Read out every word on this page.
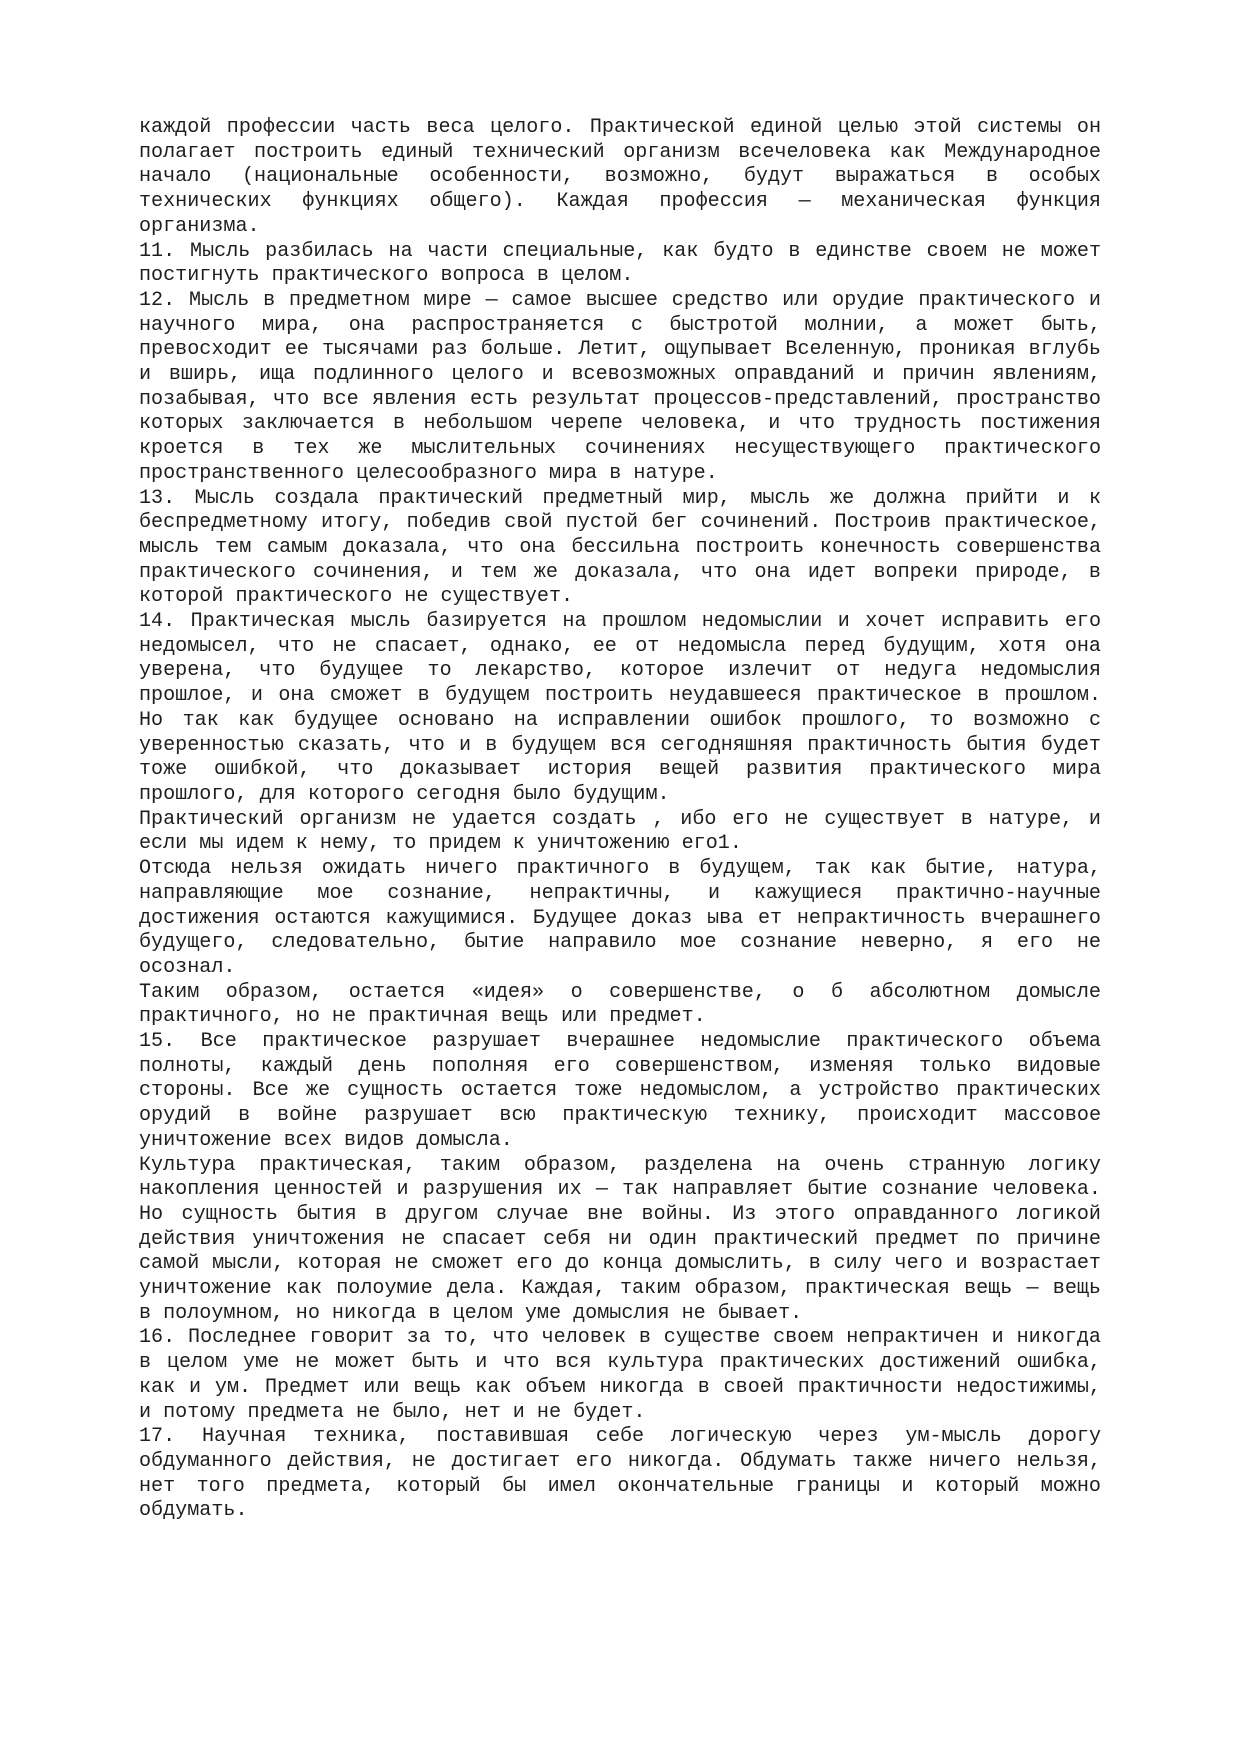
каждой профессии часть веса целого. Практической единой целью этой системы он полагает построить единый технический организм всечеловека как Международное начало (национальные особенности, возможно, будут выражаться в особых технических функциях общего). Каждая профессия — механическая функция организма.

11. Мысль разбилась на части специальные, как будто в единстве своем не может постигнуть практического вопроса в целом.

12. Мысль в предметном мире — самое высшее средство или орудие практического и научного мира, она распространяется с быстротой молнии, а может быть, превосходит ее тысячами раз больше. Летит, ощупывает Вселенную, проникая вглубь и вширь, ища подлинного целого и всевозможных оправданий и причин явлениям, позабывая, что все явления есть результат процессов-представлений, пространство которых заключается в небольшом черепе человека, и что трудность постижения кроется в тех же мыслительных сочинениях несуществующего практического пространственного целесообразного мира в натуре.

13. Мысль создала практический предметный мир, мысль же должна прийти и к беспредметному итогу, победив свой пустой бег сочинений. Построив практическое, мысль тем самым доказала, что она бессильна построить конечность совершенства практического сочинения, и тем же доказала, что она идет вопреки природе, в которой практического не существует.

14. Практическая мысль базируется на прошлом недомыслии и хочет исправить его недомысел, что не спасает, однако, ее от недомысла перед будущим, хотя она уверена, что будущее то лекарство, которое излечит от недуга недомыслия прошлое, и она сможет в будущем построить неудавшееся практическое в прошлом. Но так как будущее основано на исправлении ошибок прошлого, то возможно с уверенностью сказать, что и в будущем вся сегодняшняя практичность бытия будет тоже ошибкой, что доказывает история вещей развития практического мира прошлого, для которого сегодня было будущим.

Практический организм не удается создать , ибо его не существует в натуре, и если мы идем к нему, то придем к уничтожению его1.

Отсюда нельзя ожидать ничего практичного в будущем, так как бытие, натура, направляющие мое сознание, непрактичны, и кажущиеся практично-научные достижения остаются кажущимися. Будущее доказ ыва ет непрактичность вчерашнего будущего, следовательно, бытие направило мое сознание неверно, я его не осознал.

Таким образом, остается «идея» о совершенстве, о б абсолютном домысле практичного, но не практичная вещь или предмет.

15. Все практическое разрушает вчерашнее недомыслие практического объема полноты, каждый день пополняя его совершенством, изменяя только видовые стороны. Все же сущность остается тоже недомыслом, а устройство практических орудий в войне разрушает всю практическую технику, происходит массовое уничтожение всех видов домысла.

Культура практическая, таким образом, разделена на очень странную логику накопления ценностей и разрушения их — так направляет бытие сознание человека. Но сущность бытия в другом случае вне войны. Из этого оправданного логикой действия уничтожения не спасает себя ни один практический предмет по причине самой мысли, которая не сможет его до конца домыслить, в силу чего и возрастает уничтожение как полоумие дела. Каждая, таким образом, практическая вещь — вещь в полоумном, но никогда в целом уме домыслия не бывает.

16. Последнее говорит за то, что человек в существе своем непрактичен и никогда в целом уме не может быть и что вся культура практических достижений ошибка, как и ум. Предмет или вещь как объем никогда в своей практичности недостижимы, и потому предмета не было, нет и не будет.

17. Научная техника, поставившая себе логическую через ум-мысль дорогу обдуманного действия, не достигает его никогда. Обдумать также ничего нельзя, нет того предмета, который бы имел окончательные границы и который можно обдумать.
